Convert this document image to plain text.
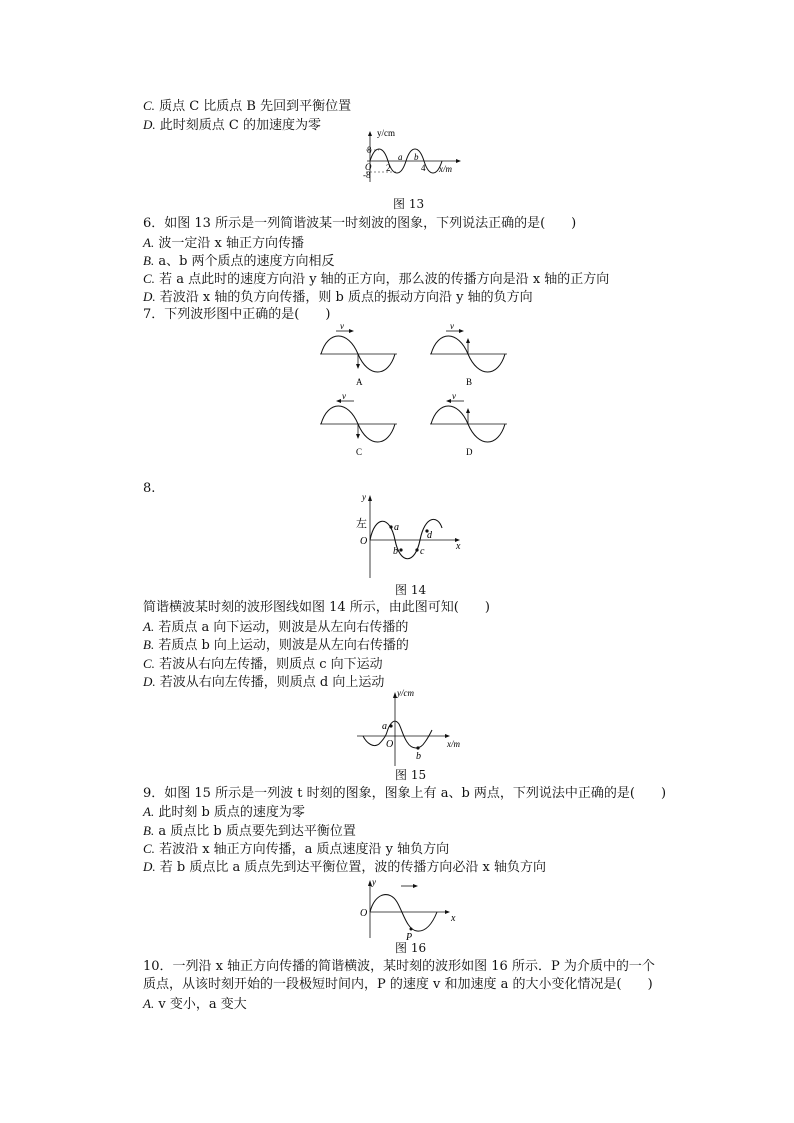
C. 质点 C 比质点 B 先回到平衡位置
D. 此时刻质点 C 的加速度为零	y/cm
8
-8
O 2	4
a b
x/m
图 13
6．如图 13 所示是一列简谐波某一时刻波的图象，下列说法正确的是(　　)
A. 波一定沿 x 轴正方向传播
B. a、b 两个质点的速度方向相反
C. 若 a 点此时的速度方向沿 y 轴的正方向，那么波的传播方向是沿 x 轴的正方向
D. 若波沿 x 轴的负方向传播，则 b 质点的振动方向沿 y 轴的负方向
7．下列波形图中正确的是(　　)
v
A
v
B
v
C
v
D
8.
y
左
O
a
b c
d
x
图 14
简谐横波某时刻的波形图线如图 14 所示，由此图可知(　　)
A. 若质点 a 向下运动，则波是从左向右传播的
B. 若质点 b 向上运动，则波是从左向右传播的
C. 若波从右向左传播，则质点 c 向下运动
D. 若波从右向左传播，则质点 d 向上运动
y/cm
a
O
b
x/m
图 15
9．如图 15 所示是一列波 t 时刻的图象，图象上有 a、b 两点，下列说法中正确的是(　　)
A. 此时刻 b 质点的速度为零
B. a 质点比 b 质点要先到达平衡位置
C. 若波沿 x 轴正方向传播，a 质点速度沿 y 轴负方向
D. 若 b 质点比 a 质点先到达平衡位置，波的传播方向必沿 x 轴负方向
y
O	x
P
图 16
10．一列沿 x 轴正方向传播的简谐横波，某时刻的波形如图 16 所示．P 为介质中的一个
质点，从该时刻开始的一段极短时间内，P 的速度 v 和加速度 a 的大小变化情况是(　　)
A. v 变小，a 变大
